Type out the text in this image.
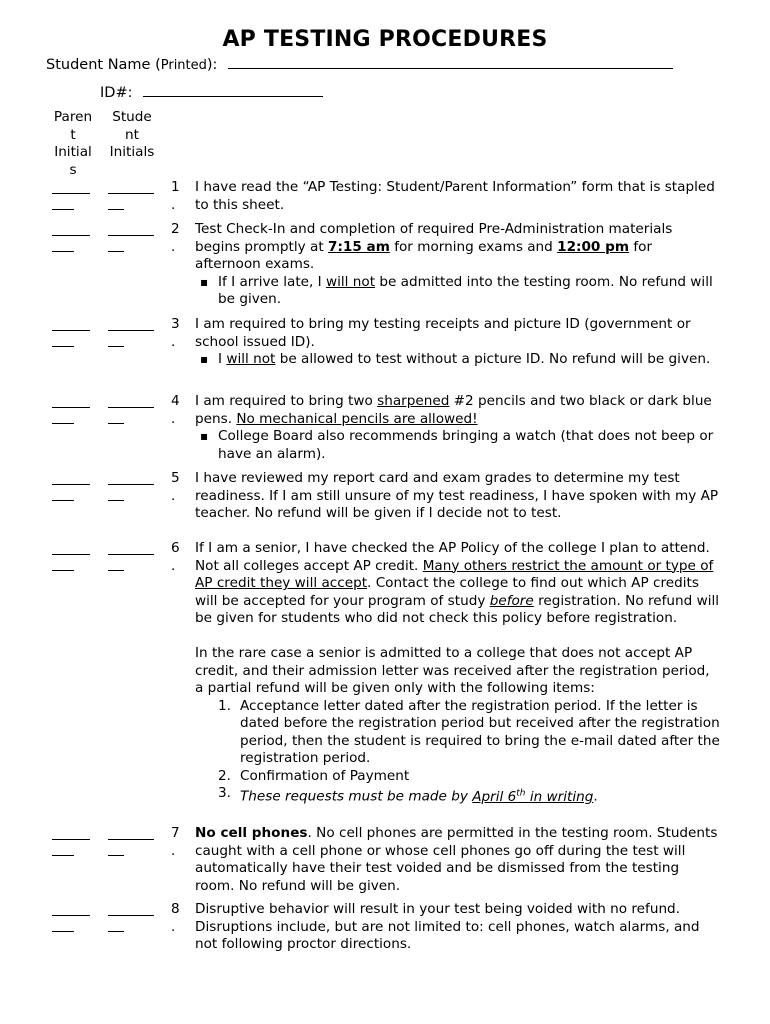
AP TESTING PROCEDURES
Student Name (Printed):
ID#:
Paren
t
Initial
s
Stude
nt
Initials
1
.
I have read the “AP Testing: Student/Parent Information” form that is stapled to this sheet.
2
.

Test Check-In and completion of required Pre-Administration materials begins promptly at 7:15 am for morning exams and 12:00 pm for afternoon exams.

▪ If I arrive late, I will not be admitted into the testing room. No refund will be given.
3
.

I am required to bring my testing receipts and picture ID (government or school issued ID).

▪ I will not be allowed to test without a picture ID. No refund will be given.
4
.

I am required to bring two sharpened #2 pencils and two black or dark blue pens. No mechanical pencils are allowed!

▪ College Board also recommends bringing a watch (that does not beep or have an alarm).
5
.
I have reviewed my report card and exam grades to determine my test readiness. If I am still unsure of my test readiness, I have spoken with my AP teacher. No refund will be given if I decide not to test.
6
.

If I am a senior, I have checked the AP Policy of the college I plan to attend. Not all colleges accept AP credit. Many others restrict the amount or type of AP credit they will accept. Contact the college to find out which AP credits will be accepted for your program of study before registration. No refund will be given for students who did not check this policy before registration.

In the rare case a senior is admitted to a college that does not accept AP credit, and their admission letter was received after the registration period, a partial refund will be given only with the following items:

1. Acceptance letter dated after the registration period. If the letter is dated before the registration period but received after the registration period, then the student is required to bring the e-mail dated after the registration period.
2. Confirmation of Payment
3. These requests must be made by April 6th in writing.
7
.
No cell phones. No cell phones are permitted in the testing room. Students caught with a cell phone or whose cell phones go off during the test will automatically have their test voided and be dismissed from the testing room. No refund will be given.
8
.
Disruptive behavior will result in your test being voided with no refund. Disruptions include, but are not limited to: cell phones, watch alarms, and not following proctor directions.
